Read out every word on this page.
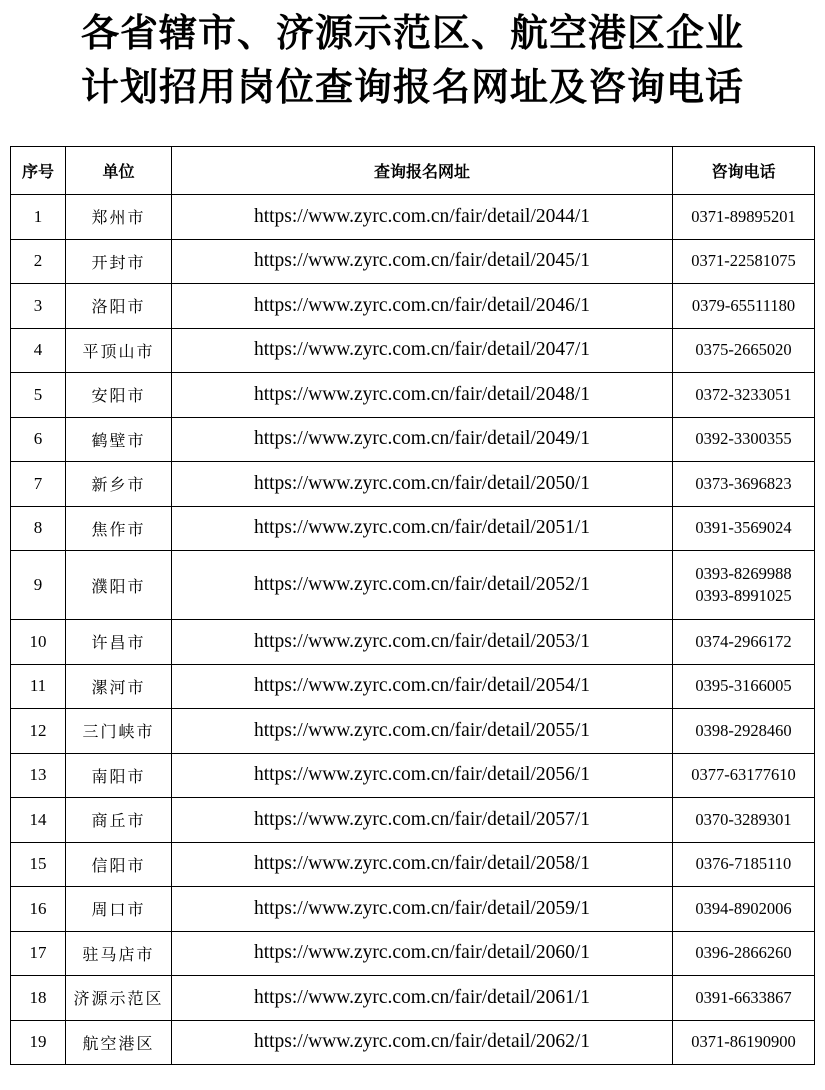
各省辖市、济源示范区、航空港区企业
计划招用岗位查询报名网址及咨询电话
序号	单位	查询报名网址	咨询电话
1	郑州市	https://www.zyrc.com.cn/fair/detail/2044/1	0371-89895201

2	开封市	https://www.zyrc.com.cn/fair/detail/2045/1	0371-22581075

3	洛阳市	https://www.zyrc.com.cn/fair/detail/2046/1	0379-65511180

4	平顶山市	https://www.zyrc.com.cn/fair/detail/2047/1	0375-2665020

5	安阳市	https://www.zyrc.com.cn/fair/detail/2048/1	0372-3233051

6	鹤壁市	https://www.zyrc.com.cn/fair/detail/2049/1	0392-3300355

7	新乡市	https://www.zyrc.com.cn/fair/detail/2050/1	0373-3696823

8	焦作市	https://www.zyrc.com.cn/fair/detail/2051/1	0391-3569024

9	濮阳市	https://www.zyrc.com.cn/fair/detail/2052/1	0393-8269988
0393-8991025

10	许昌市	https://www.zyrc.com.cn/fair/detail/2053/1	0374-2966172

11	漯河市	https://www.zyrc.com.cn/fair/detail/2054/1	0395-3166005

12	三门峡市	https://www.zyrc.com.cn/fair/detail/2055/1	0398-2928460

13	南阳市	https://www.zyrc.com.cn/fair/detail/2056/1	0377-63177610

14	商丘市	https://www.zyrc.com.cn/fair/detail/2057/1	0370-3289301

15	信阳市	https://www.zyrc.com.cn/fair/detail/2058/1	0376-7185110

16	周口市	https://www.zyrc.com.cn/fair/detail/2059/1	0394-8902006

17	驻马店市	https://www.zyrc.com.cn/fair/detail/2060/1	0396-2866260

18	济源示范区	https://www.zyrc.com.cn/fair/detail/2061/1	0391-6633867

19	航空港区	https://www.zyrc.com.cn/fair/detail/2062/1	0371-86190900
